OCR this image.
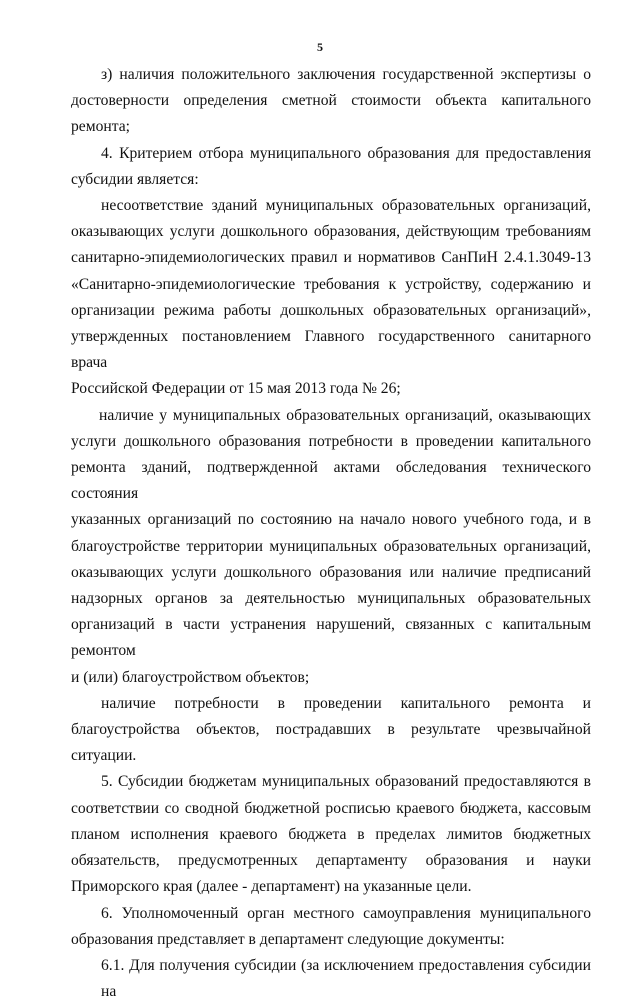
5
з) наличия положительного заключения государственной экспертизы о
достоверности определения сметной стоимости объекта капитального ремонта;
4. Критерием отбора муниципального образования для предоставления
субсидии является:
несоответствие зданий муниципальных образовательных организаций,
оказывающих услуги дошкольного образования, действующим требованиям
санитарно-эпидемиологических правил и нормативов СанПиН 2.4.1.3049-13
«Санитарно-эпидемиологические требования к устройству, содержанию и
организации режима работы дошкольных образовательных организаций»,
утвержденных постановлением Главного государственного санитарного врача
Российской Федерации от 15 мая 2013 года № 26;
наличие у муниципальных образовательных организаций, оказывающих
услуги дошкольного образования потребности в проведении капитального
ремонта зданий, подтвержденной актами обследования технического состояния
указанных организаций по состоянию на начало нового учебного года, и в
благоустройстве территории муниципальных образовательных организаций,
оказывающих услуги дошкольного образования или наличие предписаний
надзорных органов за деятельностью муниципальных образовательных
организаций в части устранения нарушений, связанных с капитальным ремонтом
и (или) благоустройством объектов;
наличие потребности в проведении капитального ремонта и
благоустройства объектов, пострадавших в результате чрезвычайной ситуации.
5. Субсидии бюджетам муниципальных образований предоставляются в
соответствии со сводной бюджетной росписью краевого бюджета, кассовым
планом исполнения краевого бюджета в пределах лимитов бюджетных
обязательств, предусмотренных департаменту образования и науки
Приморского края (далее - департамент) на указанные цели.
6. Уполномоченный орган местного самоуправления муниципального
образования представляет в департамент следующие документы:
6.1. Для получения субсидии (за исключением предоставления субсидии на
